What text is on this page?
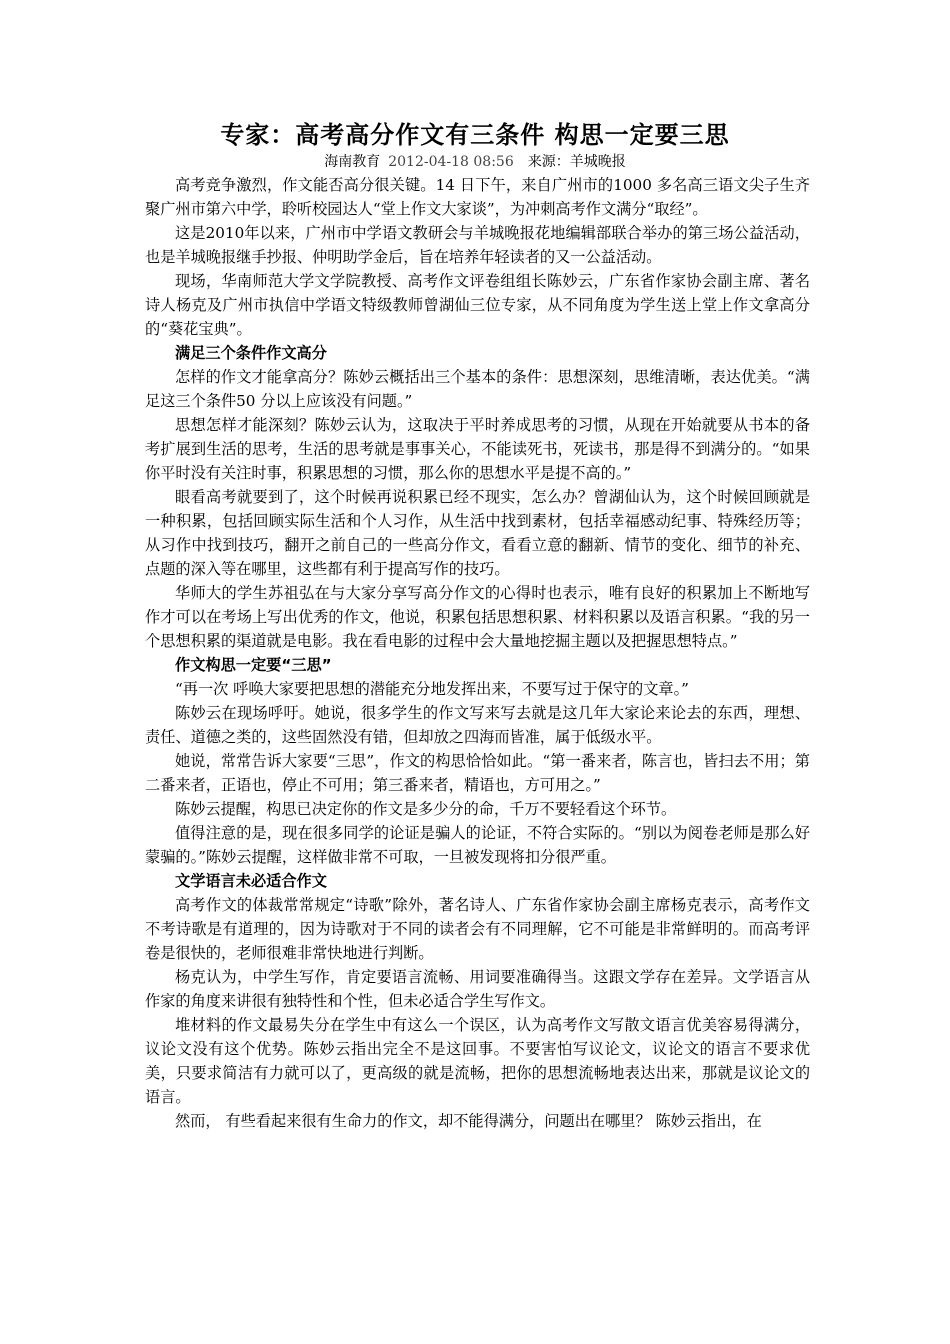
专家：高考高分作文有三条件 构思一定要三思
海南教育 2012-04-18 08:56 来源：羊城晚报

高考竞争激烈，作文能否高分很关键。14 日下午，来自广州市的1000 多名高三语文尖子生齐聚广州市第六中学，聆听校园达人“堂上作文大家谈”，为冲刺高考作文满分“取经”。

这是2010年以来，广州市中学语文教研会与羊城晚报花地编辑部联合举办的第三场公益活动，也是羊城晚报继手抄报、仲明助学金后，旨在培养年轻读者的又一公益活动。

现场，华南师范大学文学院教授、高考作文评卷组组长陈妙云，广东省作家协会副主席、著名诗人杨克及广州市执信中学语文特级教师曾湖仙三位专家，从不同角度为学生送上堂上作文拿高分的“葵花宝典”。

满足三个条件作文高分

怎样的作文才能拿高分？陈妙云概括出三个基本的条件：思想深刻，思维清晰，表达优美。“满足这三个条件50 分以上应该没有问题。”

思想怎样才能深刻？陈妙云认为，这取决于平时养成思考的习惯，从现在开始就要从书本的备考扩展到生活的思考，生活的思考就是事事关心，不能读死书，死读书，那是得不到满分的。“如果你平时没有关注时事，积累思想的习惯，那么你的思想水平是提不高的。”

眼看高考就要到了，这个时候再说积累已经不现实，怎么办？曾湖仙认为，这个时候回顾就是一种积累，包括回顾实际生活和个人习作，从生活中找到素材，包括幸福感动纪事、特殊经历等；从习作中找到技巧，翻开之前自己的一些高分作文，看看立意的翻新、情节的变化、细节的补充、点题的深入等在哪里，这些都有利于提高写作的技巧。

华师大的学生苏祖弘在与大家分享写高分作文的心得时也表示，唯有良好的积累加上不断地写作才可以在考场上写出优秀的作文，他说，积累包括思想积累、材料积累以及语言积累。“我的另一个思想积累的渠道就是电影。我在看电影的过程中会大量地挖掘主题以及把握思想特点。”

作文构思一定要“三思”

“再一次 呼唤大家要把思想的潜能充分地发挥出来，不要写过于保守的文章。”

陈妙云在现场呼吁。她说，很多学生的作文写来写去就是这几年大家论来论去的东西，理想、责任、道德之类的，这些固然没有错，但却放之四海而皆准，属于低级水平。

她说，常常告诉大家要“三思”，作文的构思恰恰如此。“第一番来者，陈言也，皆扫去不用；第二番来者，正语也，停止不可用；第三番来者，精语也，方可用之。”

陈妙云提醒，构思已决定你的作文是多少分的命，千万不要轻看这个环节。

值得注意的是，现在很多同学的论证是骗人的论证，不符合实际的。“别以为阅卷老师是那么好蒙骗的。”陈妙云提醒，这样做非常不可取，一旦被发现将扣分很严重。

文学语言未必适合作文

高考作文的体裁常常规定“诗歌”除外，著名诗人、广东省作家协会副主席杨克表示，高考作文不考诗歌是有道理的，因为诗歌对于不同的读者会有不同理解，它不可能是非常鲜明的。而高考评卷是很快的，老师很难非常快地进行判断。

杨克认为，中学生写作，肯定要语言流畅、用词要准确得当。这跟文学存在差异。文学语言从作家的角度来讲很有独特性和个性，但未必适合学生写作文。

堆材料的作文最易失分在学生中有这么一个误区，认为高考作文写散文语言优美容易得满分，议论文没有这个优势。陈妙云指出完全不是这回事。不要害怕写议论文，议论文的语言不要求优美，只要求简洁有力就可以了，更高级的就是流畅，把你的思想流畅地表达出来，那就是议论文的语言。

然而， 有些看起来很有生命力的作文，却不能得满分，问题出在哪里？ 陈妙云指出，在
